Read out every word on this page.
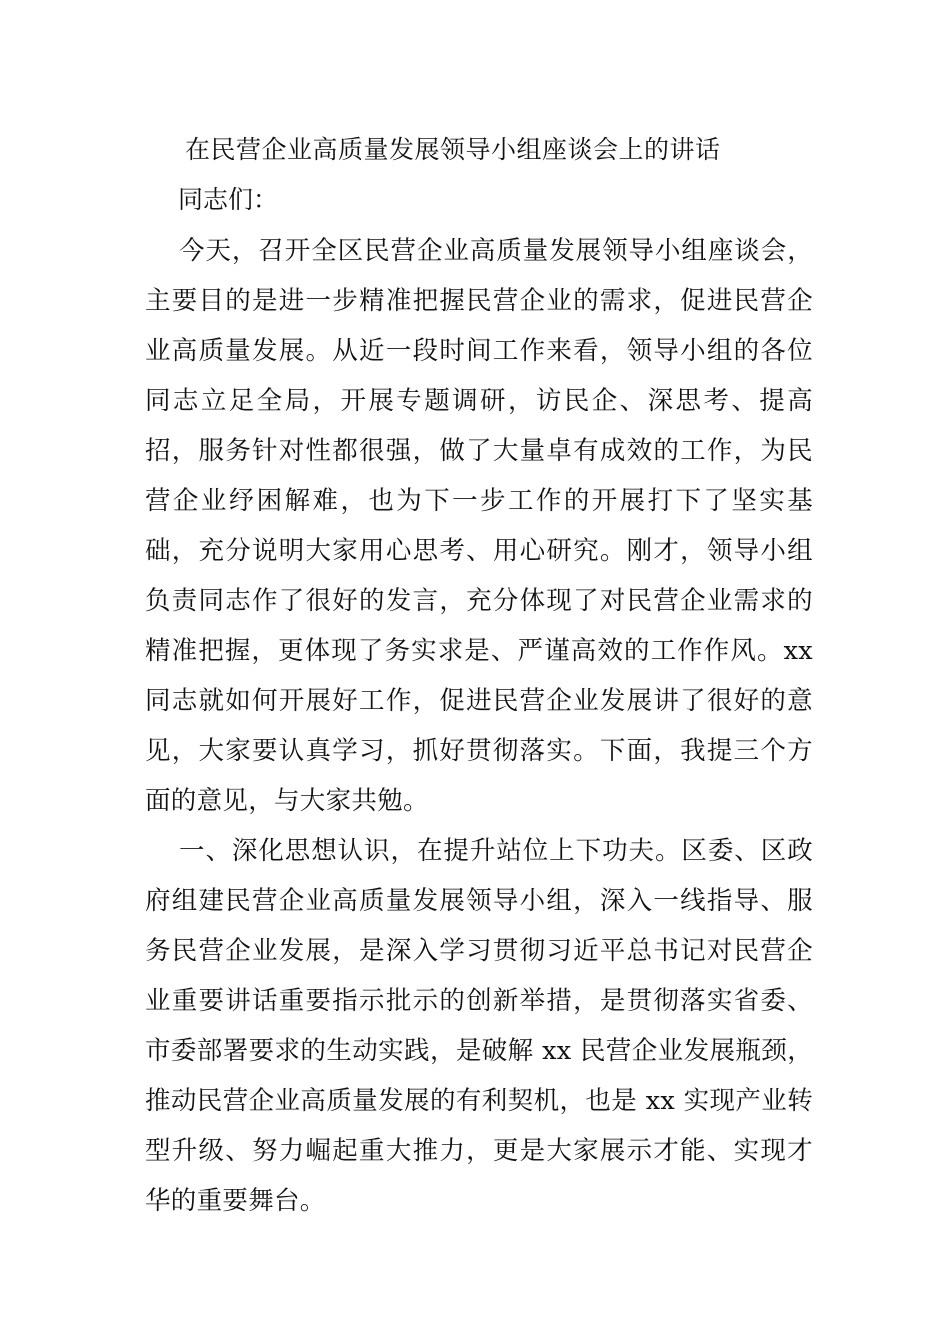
在民营企业高质量发展领导小组座谈会上的讲话
同志们：
今天，召开全区民营企业高质量发展领导小组座谈会，
主要目的是进一步精准把握民营企业的需求，促进民营企
业高质量发展。从近一段时间工作来看，领导小组的各位
同志立足全局，开展专题调研，访民企、深思考、提高
招，服务针对性都很强，做了大量卓有成效的工作，为民
营企业纾困解难，也为下一步工作的开展打下了坚实基
础，充分说明大家用心思考、用心研究。刚才，领导小组
负责同志作了很好的发言，充分体现了对民营企业需求的
精准把握，更体现了务实求是、严谨高效的工作作风。xx
同志就如何开展好工作，促进民营企业发展讲了很好的意
见，大家要认真学习，抓好贯彻落实。下面，我提三个方
面的意见，与大家共勉。
一、深化思想认识，在提升站位上下功夫。区委、区政
府组建民营企业高质量发展领导小组，深入一线指导、服
务民营企业发展，是深入学习贯彻习近平总书记对民营企
业重要讲话重要指示批示的创新举措，是贯彻落实省委、
市委部署要求的生动实践，是破解 xx 民营企业发展瓶颈，
推动民营企业高质量发展的有利契机，也是 xx 实现产业转
型升级、努力崛起重大推力，更是大家展示才能、实现才
华的重要舞台。
